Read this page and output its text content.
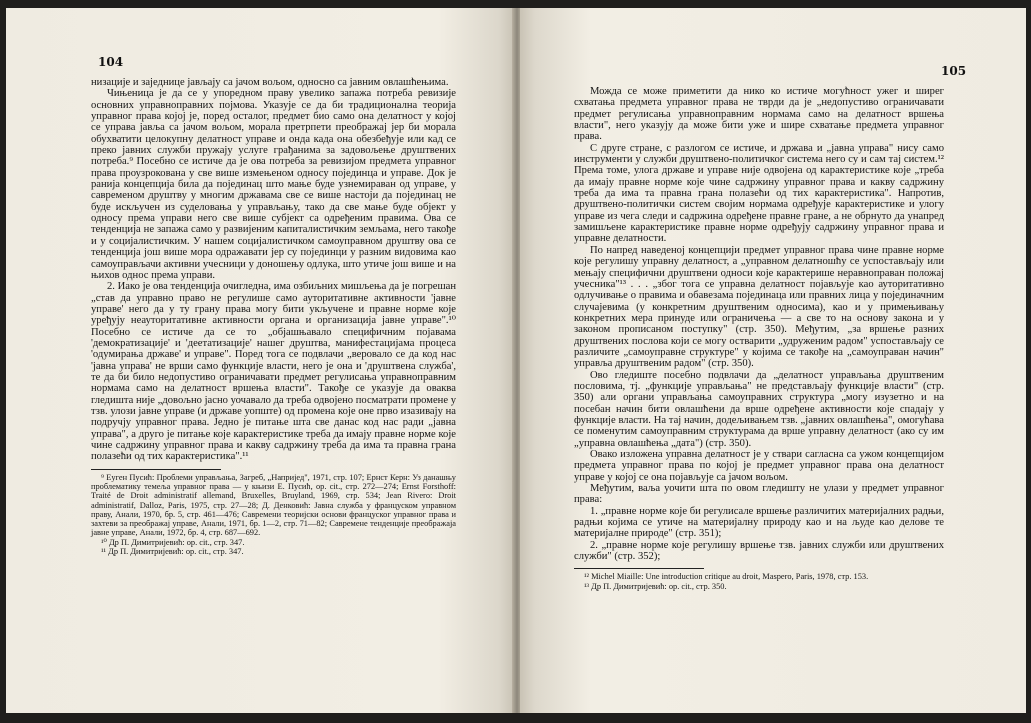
104

низације и заједнице јављају са јачом вољом, односно са јавним овлашћењима.

Чињеница је да се у упоредном праву увелико запажа потреба ревизије основних управноправних појмова. Указује се да би традиционална теорија управног права којој је, поред осталог, предмет био само она делатност у којој се управа јавља са јачом вољом, морала претрпети преображај јер би морала обухватити целокупну делатност управе и онда када она обезбеђује или кад се преко јавних служби пружају услуге грађанима за задовољење друштвених потреба.⁹ Посебно се истиче да је ова потреба за ревизијом предмета управног права проузрокована у све више измењеном односу појединца и управе. Док је ранија концепција била да појединац што мање буде узнемираван од управе, у савременом друштву у многим државама све се више настоји да појединац не буде искључен из суделовања у управљању, тако да све мање буде објект у односу према управи него све више субјект са одређеним правима. Ова се тенденција не запажа само у развијеним капиталистичким земљама, него такође и у социјалистичким. У нашем социјалистичком самоуправном друштву ова се тенденција још више мора одражавати јер су појединци у разним видовима као самоуправљачи активни учесници у доношењу одлука, што утиче још више и на њихов однос према управи.

2. Иако је ова тенденција очигледна, има озбиљних мишљења да је погрешан „став да управно право не регулише само ауторитативне активности 'јавне управе' него да у ту грану права могу бити укључене и правне норме које уређују неауторитативне активности органа и организација јавне управе".¹⁰ Посебно се истиче да се то „објашњавало специфичним појавама 'демократизације' и 'деетатизације' нашег друштва, манифестацијама процеса 'одумирања државе' и управе". Поред тога се подвлачи „веровало се да код нас 'јавна управа' не врши само функције власти, него је она и 'друштвена служба', те да би било недопустиво ограничавати предмет регулисања управноправним нормама само на делатност вршења власти". Такође се указује да оваква гледишта није „довољно јасно уочавало да треба одвојено посматрати промене у тзв. улози јавне управе (и државе уопште) од промена које оне прво изазивају на подручју управног права. Једно је питање шта све данас код нас ради „јавна управа", а друго је питање које карактеристике треба да имају правне норме које чине садржину управног права и какву садржину треба да има та правна грана полазећи од тих карактеристика".¹¹

⁹ Еуген Пусић: Проблеми управљања, Загреб, „Напријед", 1971, стр. 107; Ернст Керн: Уз данашњу проблематику темеља управног права — у књизи Е. Пусић, op. cit., стр. 272—274; Ernst Forsthoff: Traité de Droit administratif allemand, Bruxelles, Bruyland, 1969, стр. 534; Jean Rivero: Droit administratif, Dalloz, Paris, 1975, стр. 27—28; Д. Денковић: Јавна служба у француском управном праву, Анали, 1970, бр. 5, стр. 461—476; Савремени теоријски основи француског управног права и захтеви за преображај управе, Анали, 1971, бр. 1—2, стр. 71—82; Савремене тенденције преображаја јавне управе, Анали, 1972, бр. 4, стр. 687—692.

¹⁰ Др П. Димитријевић: op. cit., стр. 347.

¹¹ Др П. Димитријевић: op. cit., стр. 347.

105

Можда се може приметити да нико ко истиче могућност ужег и ширег схватања предмета управног права не тврди да је „недопустиво ограничавати предмет регулисања управноправним нормама само на делатност вршења власти", него указују да може бити уже и шире схватање предмета управног права.

С друге стране, с разлогом се истиче, и држава и „јавна управа" нису само инструменти у служби друштвено-политичког система него су и сам тај систем.¹² Према томе, улога државе и управе није одвојена од карактеристике које „треба да имају правне норме које чине садржину управног права и какву садржину треба да има та правна грана полазећи од тих карактеристика". Напротив, друштвено-политички систем својим нормама одређује карактеристике и улогу управе из чега следи и садржина одређене правне гране, а не обрнуто да унапред замишљене карактеристике правне норме одређују садржину управног права и управне делатности.

По напред наведеној концепцији предмет управног права чине правне норме које регулишу управну делатност, а „управном делатношћу се успостављају или мењају специфични друштвени односи које карактерише неравноправан положај учесника"¹³ . . . „због тога се управна делатност појављује као ауторитативно одлучивање о правима и обавезама појединаца или правних лица у појединачним случајевима (у конкретним друштвеним односима), као и у примењивању конкретних мера принуде или ограничења — а све то на основу закона и у законом прописаном поступку" (стр. 350). Међутим, „за вршење разних друштвених послова који се могу остварити „удруженим радом" успостављају се различите „самоуправне структуре" у којима се такође на „самоуправан начин" управља друштвеним радом" (стр. 350).

Ово гледиште посебно подвлачи да „делатност управљања друштвеним пословима, тј. „функције управљања" не представљају функције власти" (стр. 350) али органи управљања самоуправних структура „могу изузетно и на посебан начин бити овлашћени да врше одређене активности које спадају у функције власти. На тај начин, додељивањем тзв. „јавних овлашћења", омогућава се поменутим самоуправним структурама да врше управну делатност (ако су им „управна овлашћења „дата") (стр. 350).

Овако изложена управна делатност је у ствари сагласна са ужом концепцијом предмета управног права по којој је предмет управног права она делатност управе у којој се она појављује са јачом вољом.

Међутим, ваља уочити шта по овом гледишту не улази у предмет управног права:

1. „правне норме које би регулисале вршење различитих материјалних радњи, радњи којима се утиче на материјалну природу као и на људе као делове те материјалне природе" (стр. 351);

2. „правне норме које регулишу вршење тзв. јавних служби или друштвених служби" (стр. 352);

¹² Michel Miaille: Une introduction critique au droit, Maspero, Paris, 1978, стр. 153.

¹³ Др П. Димитријевић: op. cit., стр. 350.
